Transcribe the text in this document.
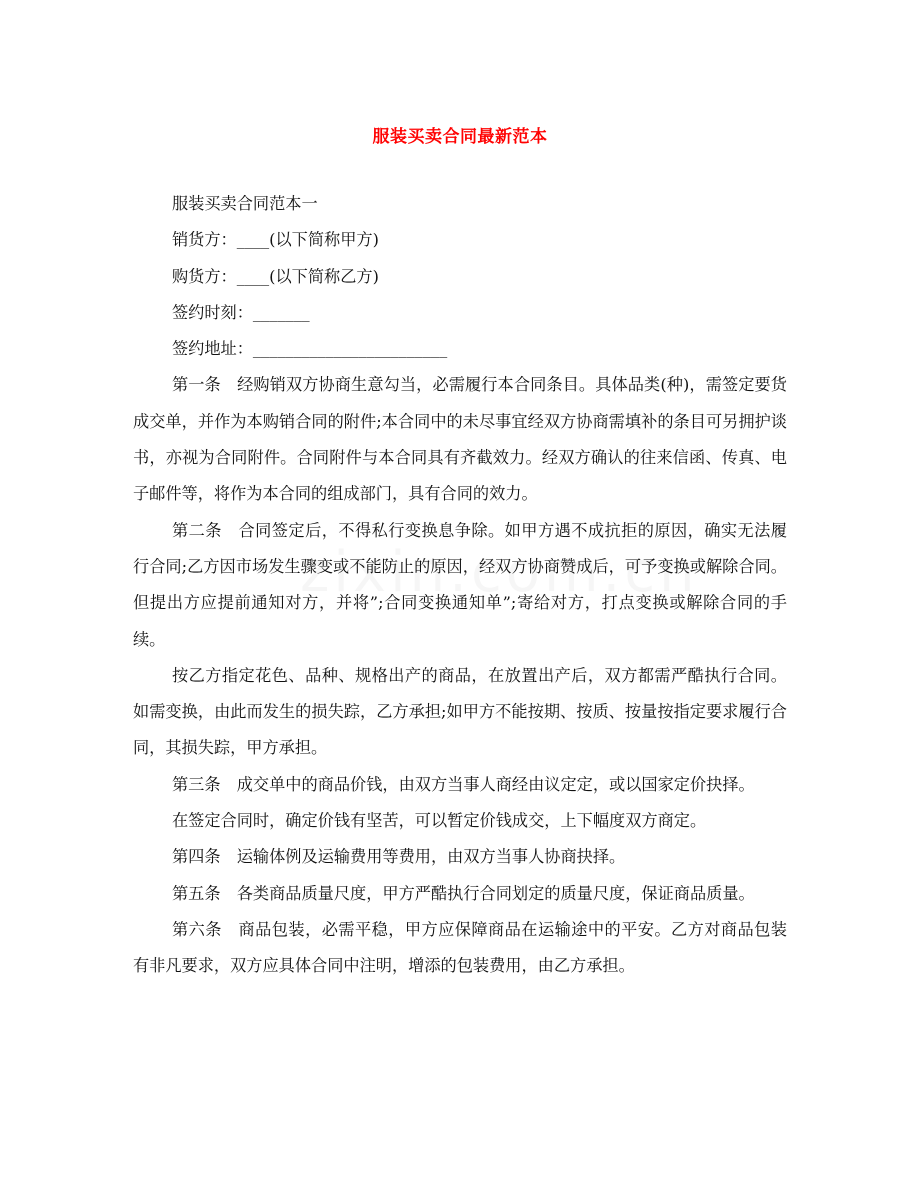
服装买卖合同最新范本

服装买卖合同范本一

销货方：____(以下简称甲方)

购货方：____(以下简称乙方)

签约时刻：_______

签约地址：________________________

第一条　经购销双方协商生意勾当，必需履行本合同条目。具体品类(种)，需签定要货成交单，并作为本购销合同的附件;本合同中的未尽事宜经双方协商需填补的条目可另拥护谈书，亦视为合同附件。合同附件与本合同具有齐截效力。经双方确认的往来信函、传真、电子邮件等，将作为本合同的组成部门，具有合同的效力。

第二条　合同签定后，不得私行变换息争除。如甲方遇不成抗拒的原因，确实无法履行合同;乙方因市场发生骤变或不能防止的原因，经双方协商赞成后，可予变换或解除合同。但提出方应提前通知对方，并将”;合同变换通知单”;寄给对方，打点变换或解除合同的手续。

按乙方指定花色、品种、规格出产的商品，在放置出产后，双方都需严酷执行合同。如需变换，由此而发生的损失踪，乙方承担;如甲方不能按期、按质、按量按指定要求履行合同，其损失踪，甲方承担。

第三条　成交单中的商品价钱，由双方当事人商经由议定定，或以国家定价抉择。

在签定合同时，确定价钱有坚苦，可以暂定价钱成交，上下幅度双方商定。

第四条　运输体例及运输费用等费用，由双方当事人协商抉择。

第五条　各类商品质量尺度，甲方严酷执行合同划定的质量尺度，保证商品质量。

第六条　商品包装，必需平稳，甲方应保障商品在运输途中的平安。乙方对商品包装有非凡要求，双方应具体合同中注明，增添的包装费用，由乙方承担。
